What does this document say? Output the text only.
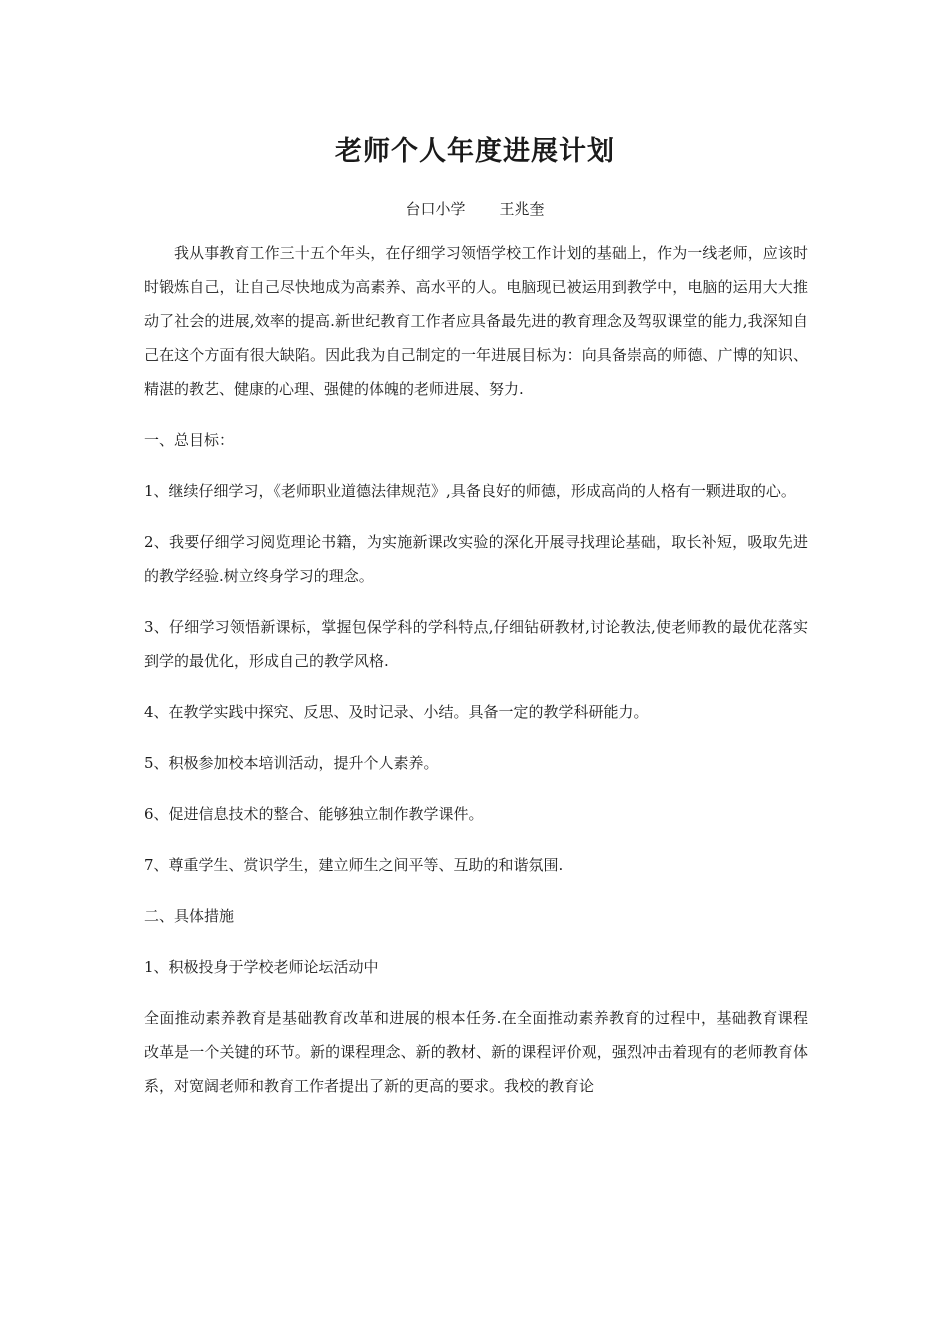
老师个人年度进展计划
台口小学 王兆奎

我从事教育工作三十五个年头，在仔细学习领悟学校工作计划的基础上，作为一线老师，应该时时锻炼自己，让自己尽快地成为高素养、高水平的人。电脑现已被运用到教学中，电脑的运用大大推动了社会的进展,效率的提高.新世纪教育工作者应具备最先进的教育理念及驾驭课堂的能力,我深知自己在这个方面有很大缺陷。因此我为自己制定的一年进展目标为：向具备崇高的师德、广博的知识、精湛的教艺、健康的心理、强健的体魄的老师进展、努力.

一、总目标：

1、继续仔细学习，《老师职业道德法律规范》,具备良好的师德，形成高尚的人格有一颗进取的心。

2、我要仔细学习阅览理论书籍，为实施新课改实验的深化开展寻找理论基础，取长补短，吸取先进的教学经验.树立终身学习的理念。

3、仔细学习领悟新课标，掌握包保学科的学科特点,仔细钻研教材,讨论教法,使老师教的最优花落实到学的最优化，形成自己的教学风格.

4、在教学实践中探究、反思、及时记录、小结。具备一定的教学科研能力。

5、积极参加校本培训活动，提升个人素养。

6、促进信息技术的整合、能够独立制作教学课件。

7、尊重学生、赏识学生，建立师生之间平等、互助的和谐氛围.

二、具体措施

1、积极投身于学校老师论坛活动中

全面推动素养教育是基础教育改革和进展的根本任务.在全面推动素养教育的过程中，基础教育课程改革是一个关键的环节。新的课程理念、新的教材、新的课程评价观，强烈冲击着现有的老师教育体系，对宽阔老师和教育工作者提出了新的更高的要求。我校的教育论
